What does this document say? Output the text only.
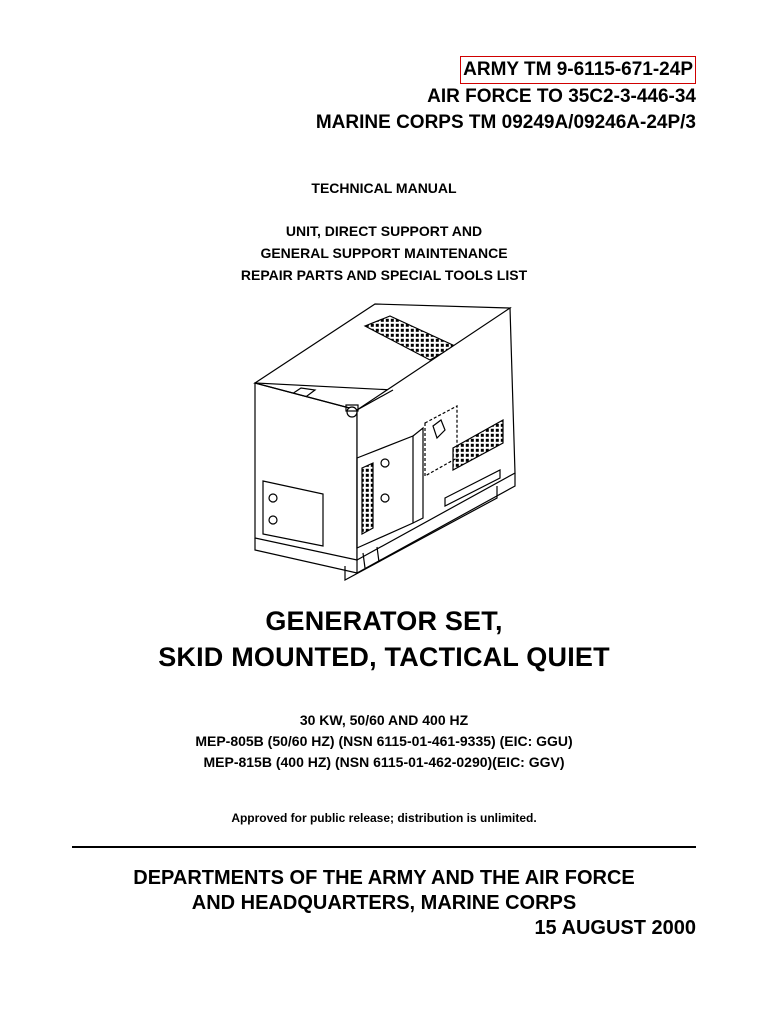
ARMY TM 9-6115-671-24P
AIR FORCE TO 35C2-3-446-34
MARINE CORPS TM 09249A/09246A-24P/3
TECHNICAL MANUAL
UNIT, DIRECT SUPPORT AND
GENERAL SUPPORT MAINTENANCE
REPAIR PARTS AND SPECIAL TOOLS LIST
GENERATOR SET,
SKID MOUNTED, TACTICAL QUIET
30 KW, 50/60 AND 400 HZ
MEP-805B (50/60 HZ) (NSN 6115-01-461-9335) (EIC: GGU)
MEP-815B (400 HZ) (NSN 6115-01-462-0290)(EIC: GGV)
Approved for public release; distribution is unlimited.
DEPARTMENTS OF THE ARMY AND THE AIR FORCE
AND HEADQUARTERS, MARINE CORPS
15 AUGUST 2000
